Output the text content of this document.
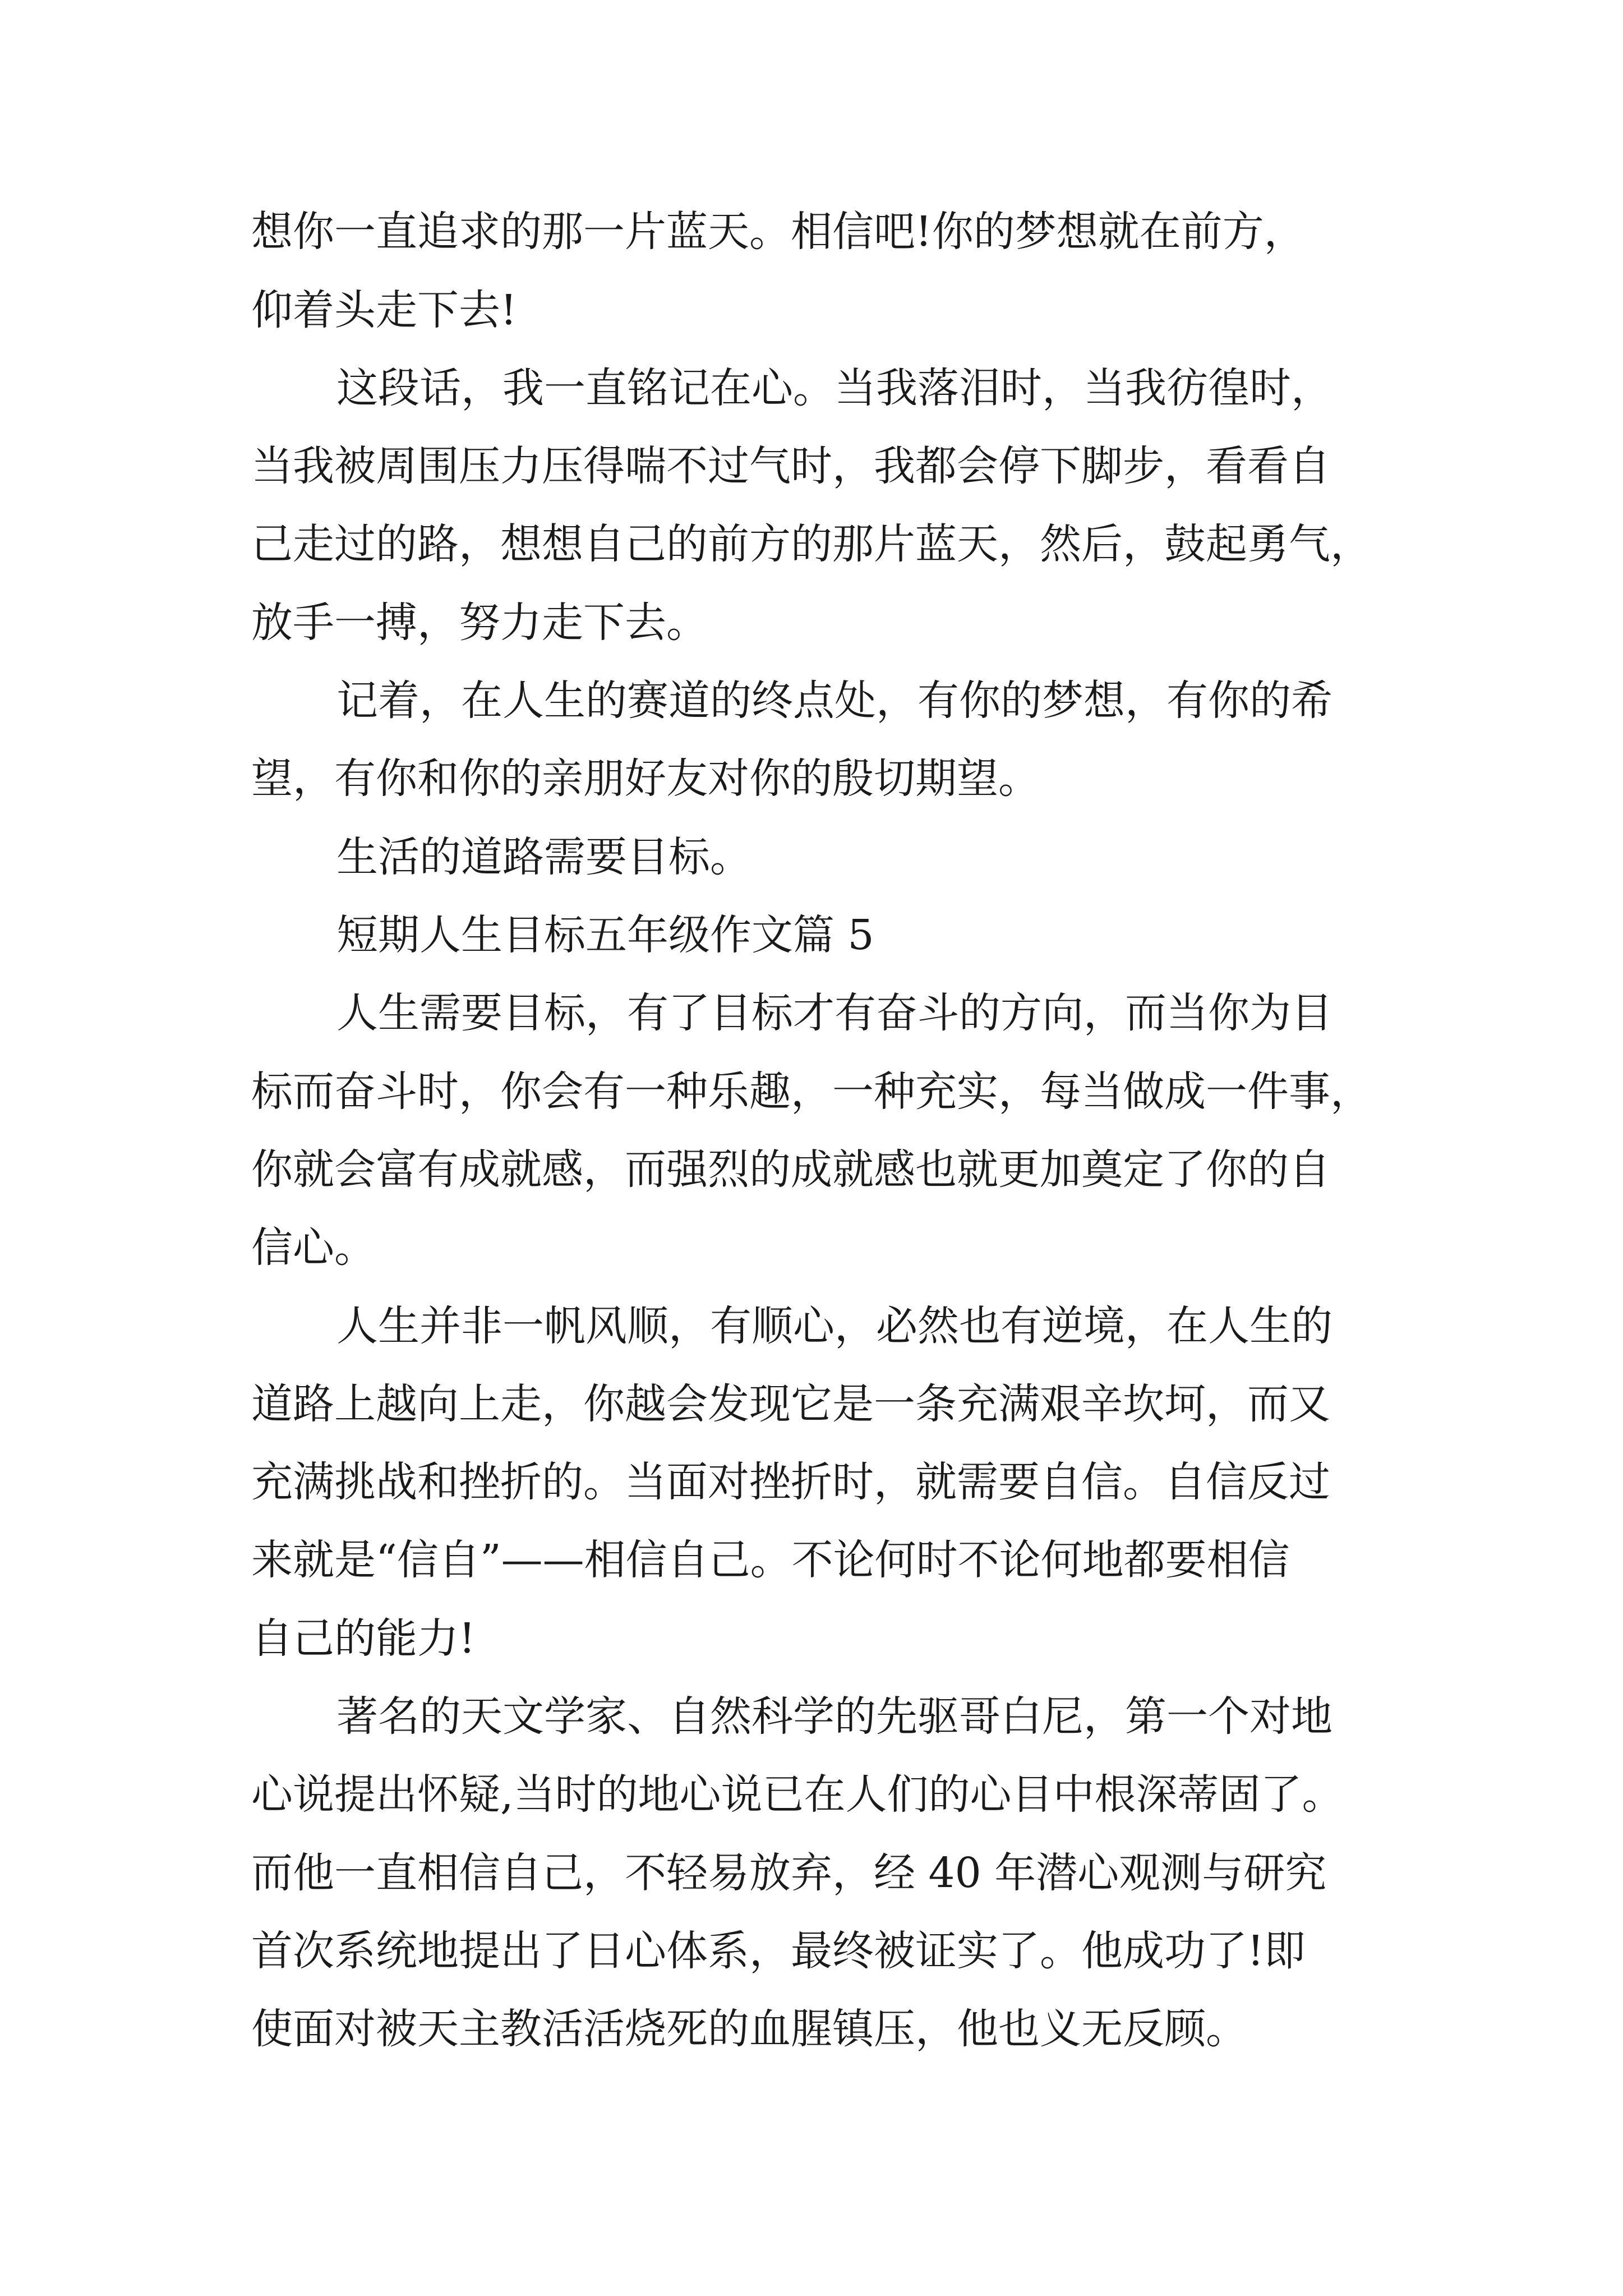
想你一直追求的那一片蓝天。相信吧!你的梦想就在前方，
仰着头走下去!
这段话，我一直铭记在心。当我落泪时，当我彷徨时，
当我被周围压力压得喘不过气时，我都会停下脚步，看看自
己走过的路，想想自己的前方的那片蓝天，然后，鼓起勇气，
放手一搏，努力走下去。
记着，在人生的赛道的终点处，有你的梦想，有你的希
望，有你和你的亲朋好友对你的殷切期望。
生活的道路需要目标。
短期人生目标五年级作文篇 5
人生需要目标，有了目标才有奋斗的方向，而当你为目
标而奋斗时，你会有一种乐趣，一种充实，每当做成一件事，
你就会富有成就感，而强烈的成就感也就更加奠定了你的自
信心。
人生并非一帆风顺，有顺心，必然也有逆境，在人生的
道路上越向上走，你越会发现它是一条充满艰辛坎坷，而又
充满挑战和挫折的。当面对挫折时，就需要自信。自信反过
来就是“信自”——相信自己。不论何时不论何地都要相信
自己的能力!
著名的天文学家、自然科学的先驱哥白尼，第一个对地
心说提出怀疑,当时的地心说已在人们的心目中根深蒂固了。
而他一直相信自己，不轻易放弃，经 40 年潜心观测与研究
首次系统地提出了日心体系，最终被证实了。他成功了!即
使面对被天主教活活烧死的血腥镇压，他也义无反顾。
